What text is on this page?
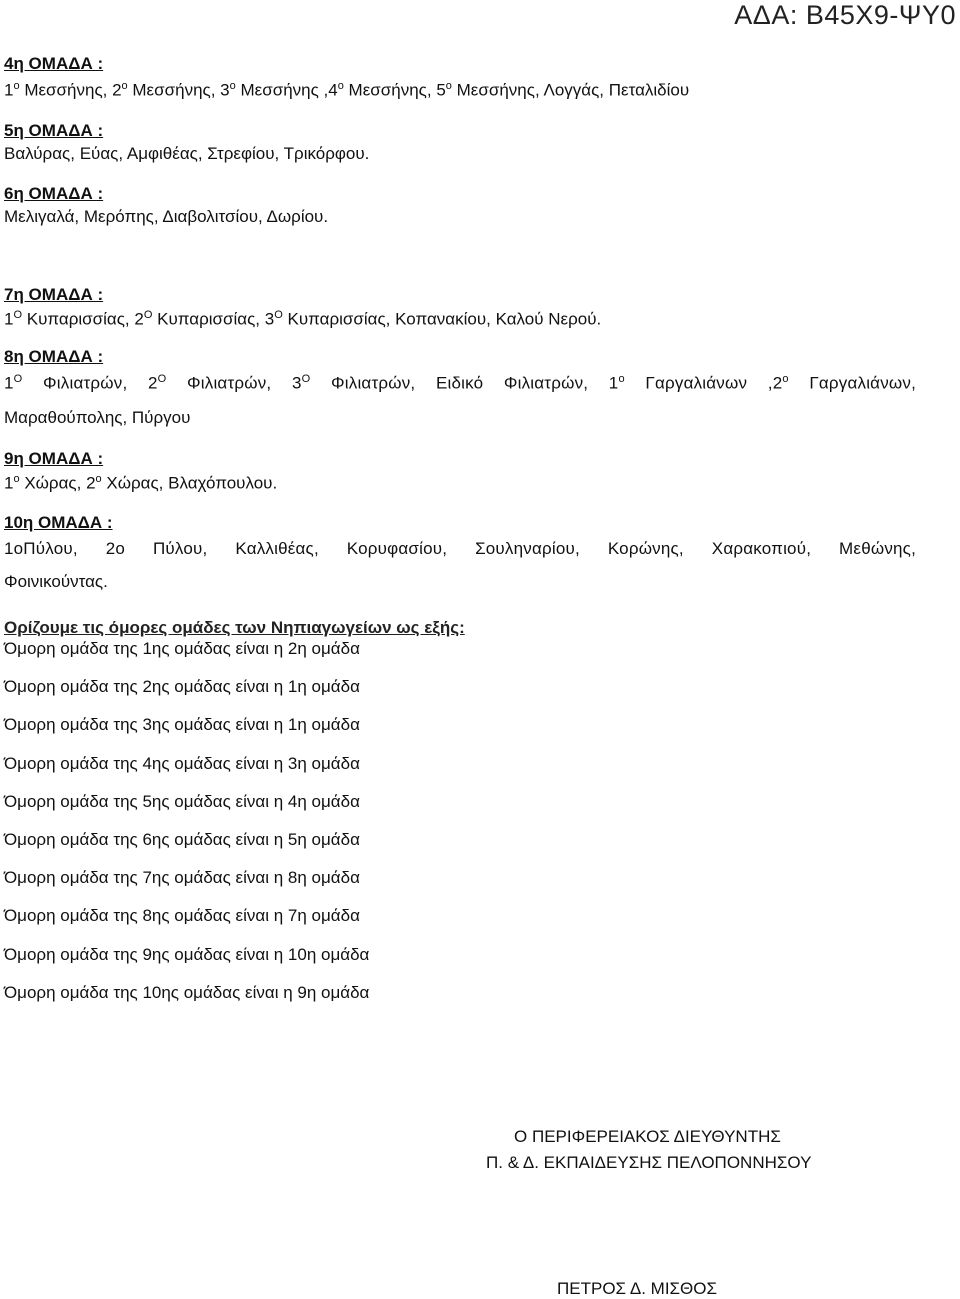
ΑΔΑ: Β45Χ9-ΨΥ0
4η ΟΜΑΔΑ :
$1^o$ Μεσσήνης, $2^o$ Μεσσήνης, $3^o$ Μεσσήνης $,4^o$ Μεσσήνης, $5^o$ Μεσσήνης, Λογγάς, Πεταλιδίου
5η ΟΜΑΔΑ :
Βαλύρας, Εύας, Αμφιθέας, Στρεφίου, Τρικόρφου.
6η ΟΜΑΔΑ :
Μελιγαλά, Μερόπης, Διαβολιτσίου, Δωρίου.
7η ΟΜΑΔΑ :
$1^O$ Κυπαρισσίας, $2^O$ Κυπαρισσίας, $3^O$ Κυπαρισσίας, Κοπανακίου, Καλού Νερού.
8η ΟΜΑΔΑ :
$1^O$ Φιλιατρών, $2^O$ Φιλιατρών, $3^O$ Φιλιατρών, Ειδικό Φιλιατρών, $1^o$ Γαργαλιάνων $,2^o$ Γαργαλιάνων,
Μαραθούπολης, Πύργου
9η ΟΜΑΔΑ :
$1^o$ Χώρας, $2^o$ Χώρας, Βλαχόπουλου.
10η ΟΜΑΔΑ :
1οΠύλου, 2ο Πύλου, Καλλιθέας, Κορυφασίου, Σουληναρίου, Κορώνης, Χαρακοπιού, Μεθώνης,
Φοινικούντας.
Ορίζουμε τις όμορες ομάδες των Νηπιαγωγείων ως εξής:
Όμορη ομάδα της 1ης ομάδας είναι η 2η ομάδα
Όμορη ομάδα της 2ης ομάδας είναι η 1η ομάδα
Όμορη ομάδα της 3ης ομάδας είναι η 1η ομάδα
Όμορη ομάδα της 4ης ομάδας είναι η 3η ομάδα
Όμορη ομάδα της 5ης ομάδας είναι η 4η ομάδα
Όμορη ομάδα της 6ης ομάδας είναι η 5η ομάδα
Όμορη ομάδα της 7ης ομάδας είναι η 8η ομάδα
Όμορη ομάδα της 8ης ομάδας είναι η 7η ομάδα
Όμορη ομάδα της 9ης ομάδας είναι η 10η ομάδα
Όμορη ομάδα της 10ης ομάδας είναι η 9η ομάδα
Ο ΠΕΡΙΦΕΡΕΙΑΚΟΣ ΔΙΕΥΘΥΝΤΗΣ
Π. & Δ. ΕΚΠΑΙΔΕΥΣΗΣ ΠΕΛΟΠΟΝΝΗΣΟΥ
ΠΕΤΡΟΣ Δ. ΜΙΣΘΟΣ
